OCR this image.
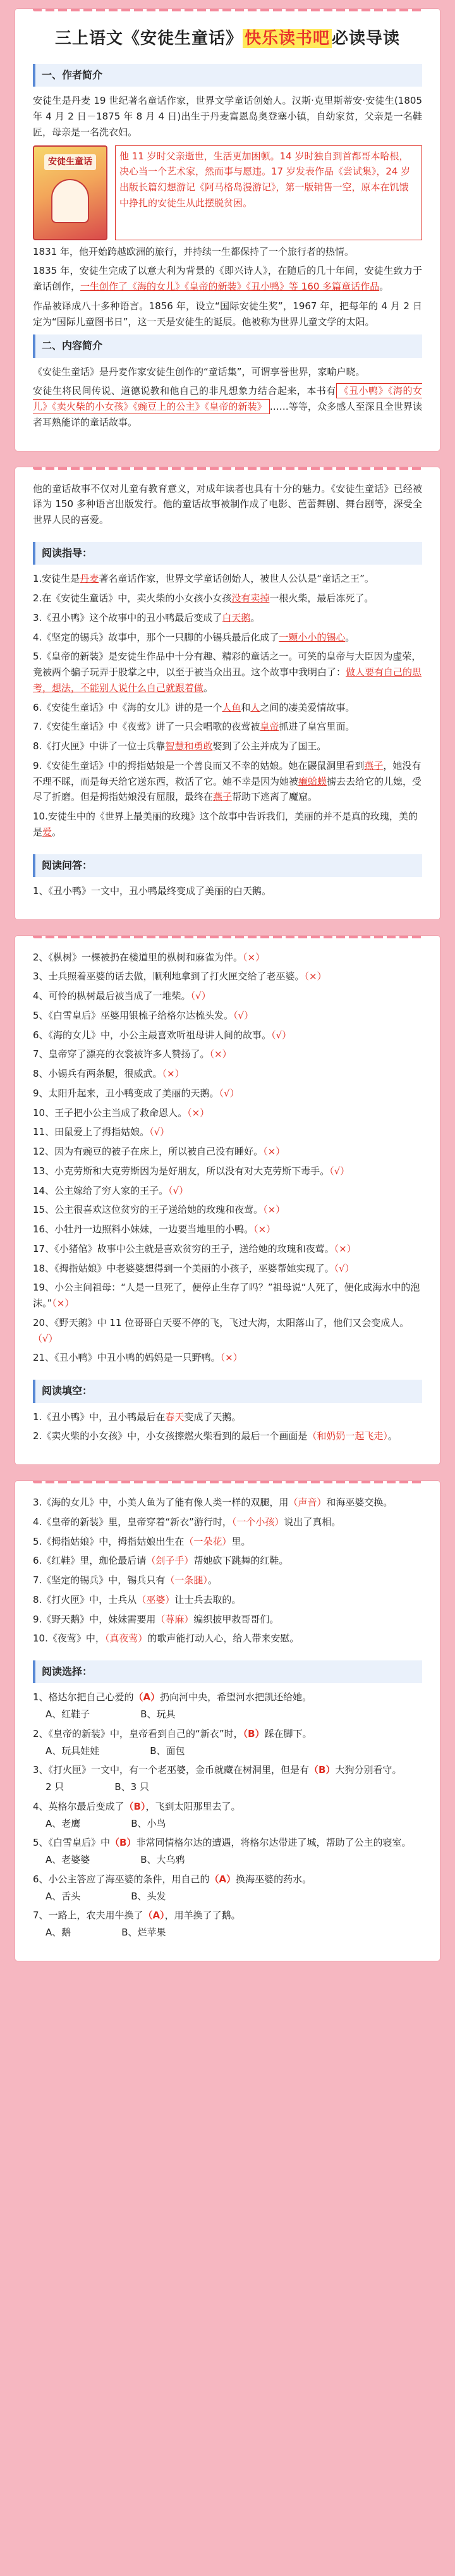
三上语文《安徒生童话》 快乐读书吧 必读导读
一、作者简介

安徒生是丹麦 19 世纪著名童话作家，世界文学童话创始人。汉斯·克里斯蒂安·安徒生(1805 年 4 月 2 日－1875 年 8 月 4 日)出生于丹麦富恩岛奥登塞小镇，自幼家贫，父亲是一名鞋匠，母亲是一名洗衣妇。

安徒生童话	他 11 岁时父亲逝世，生活更加困顿。14 岁时独自到首都哥本哈根，决心当一个艺术家，然而事与愿违。17 岁发表作品《尝试集》，24 岁出版长篇幻想游记《阿马格岛漫游记》，第一版销售一空，原本在饥饿中挣扎的安徒生从此摆脱贫困。

1831 年，他开始跨越欧洲的旅行，并持续一生都保持了一个旅行者的热情。

1835 年，安徒生完成了以意大利为背景的《即兴诗人》，在随后的几十年间，安徒生致力于童话创作，一生创作了《海的女儿》《皇帝的新装》《丑小鸭》等 160 多篇童话作品。

作品被译成八十多种语言。1856 年，设立“国际安徒生奖”，1967 年，把每年的 4 月 2 日定为“国际儿童图书日”，这一天是安徒生的诞辰。他被称为世界儿童文学的太阳。

二、内容简介

《安徒生童话》是丹麦作家安徒生创作的“童话集”，可谓享誉世界，家喻户晓。

安徒生将民间传说、道德说教和他自己的非凡想象力结合起来，本书有 《丑小鸭》《海的女儿》《卖火柴的小女孩》《豌豆上的公主》《皇帝的新装》 ……等等，众多感人至深且全世界读者耳熟能详的童话故事。

他的童话故事不仅对儿童有教育意义，对成年读者也具有十分的魅力。《安徒生童话》已经被译为 150 多种语言出版发行。他的童话故事被制作成了电影、芭蕾舞剧、舞台剧等，深受全世界人民的喜爱。

阅读指导：

1.安徒生是丹麦著名童话作家，世界文学童话创始人，被世人公认是“童话之王”。

2.在《安徒生童话》中，卖火柴的小女孩小女孩没有卖掉一根火柴，最后冻死了。

3.《丑小鸭》这个故事中的丑小鸭最后变成了白天鹅。

4.《坚定的锡兵》故事中，那个一只脚的小锡兵最后化成了一颗小小的锡心。

5.《皇帝的新装》是安徒生作品中十分有趣、精彩的童话之一。可笑的皇帝与大臣因为虚荣，竟被两个骗子玩弄于股掌之中，以至于被当众出丑。这个故事中我明白了：做人要有自己的思考，想法，不能别人说什么自己就跟着做。

6.《安徒生童话》中《海的女儿》讲的是一个人鱼和人之间的凄美爱情故事。

7.《安徒生童话》中《夜莺》讲了一只会唱歌的夜莺被皇帝抓进了皇宫里面。

8.《打火匣》中讲了一位士兵靠智慧和勇敢娶到了公主并成为了国王。

9.《安徒生童话》中的拇指姑娘是一个善良而又不幸的姑娘。她在鼹鼠洞里看到燕子，她没有不理不睬，而是每天给它送东西，救活了它。她不幸是因为她被癞蛤蟆掳去去给它的儿媳，受尽了折磨。但是拇指姑娘没有屈服，最终在燕子帮助下逃离了魔窟。

10.安徒生中的《世界上最美丽的玫瑰》这个故事中告诉我们，美丽的并不是真的玫瑰，美的是爱。

阅读问答：

1、《丑小鸭》一文中，丑小鸭最终变成了美丽的白天鹅。

2、《枞树》一棵被扔在楼道里的枞树和麻雀为伴。（×）

3、士兵照着巫婆的话去做，顺利地拿到了打火匣交给了老巫婆。（×）

4、可怜的枞树最后被当成了一堆柴。（√）

5、《白雪皇后》巫婆用银梳子给格尔达梳头发。（√）

6、《海的女儿》中，小公主最喜欢听祖母讲人间的故事。（√）

7、皇帝穿了漂亮的衣裳被许多人赞扬了。（×）

8、小锡兵有两条腿，很威武。（×）

9、太阳升起来，丑小鸭变成了美丽的天鹅。（√）

10、王子把小公主当成了救命恩人。（×）

11、田鼠爱上了拇指姑娘。（√）

12、因为有豌豆的被子在床上，所以被自己没有睡好。（×）

13、小克劳斯和大克劳斯因为是好朋友，所以没有对大克劳斯下毒手。（√）

14、公主嫁给了穷人家的王子。（√）

15、公主很喜欢这位贫穷的王子送给她的玫瑰和夜莺。（×）

16、小牡丹一边照料小妹妹，一边要当地里的小鸭。（×）

17、《小猪倌》故事中公主就是喜欢贫穷的王子，送给她的玫瑰和夜莺。（×）

18、《拇指姑娘》中老婆婆想得到一个美丽的小孩子，巫婆帮她实现了。（√）

19、小公主问祖母：“人是一旦死了，便停止生存了吗？”祖母说“人死了，便化成海水中的泡沫。”（×）

20、《野天鹅》中 11 位哥哥白天要不停的飞，飞过大海，太阳落山了，他们又会变成人。（√）

21、《丑小鸭》中丑小鸭的妈妈是一只野鸭。（×）

阅读填空：

1.《丑小鸭》中，丑小鸭最后在春天变成了天鹅。

2.《卖火柴的小女孩》中，小女孩擦燃火柴看到的最后一个画面是（和奶奶一起飞走）。

3.《海的女儿》中，小美人鱼为了能有像人类一样的双腿，用（声音）和海巫婆交换。

4.《皇帝的新装》里，皇帝穿着“新衣”游行时，（一个小孩）说出了真相。

5.《拇指姑娘》中，拇指姑娘出生在（一朵花）里。

6.《红鞋》里，珈伦最后请（刽子手）帮她砍下跳舞的红鞋。

7.《坚定的锡兵》中，锡兵只有（一条腿）。

8.《打火匣》中，士兵从（巫婆）让士兵去取的。

9.《野天鹅》中，妹妹需要用（荨麻）编织披甲救哥哥们。

10.《夜莺》中，（真夜莺）的歌声能打动人心，给人带来安慰。

阅读选择：

1、格达尔把自己心爱的（A）扔向河中央，希望河水把凯还给她。

A、红鞋子	B、玩具

2、《皇帝的新装》中，皇帝看到自己的“新衣”时，（B）踩在脚下。

A、玩具娃娃	B、面包

3、《打火匣》一文中，有一个老巫婆，金币就藏在树洞里，但是有（B）大狗分别看守。

2 只	B、3 只

4、英格尔最后变成了（B），飞到太阳那里去了。

A、老鹰	B、小鸟

5、《白雪皇后》中（B）非常同情格尔达的遭遇，将格尔达带进了城，帮助了公主的寝室。

A、老婆婆	B、大乌鸦

6、小公主答应了海巫婆的条件，用自己的（A）换海巫婆的药水。

A、舌头	B、头发

7、一路上，农夫用牛换了（A），用羊换了了鹅。

A、鹅	B、烂苹果
